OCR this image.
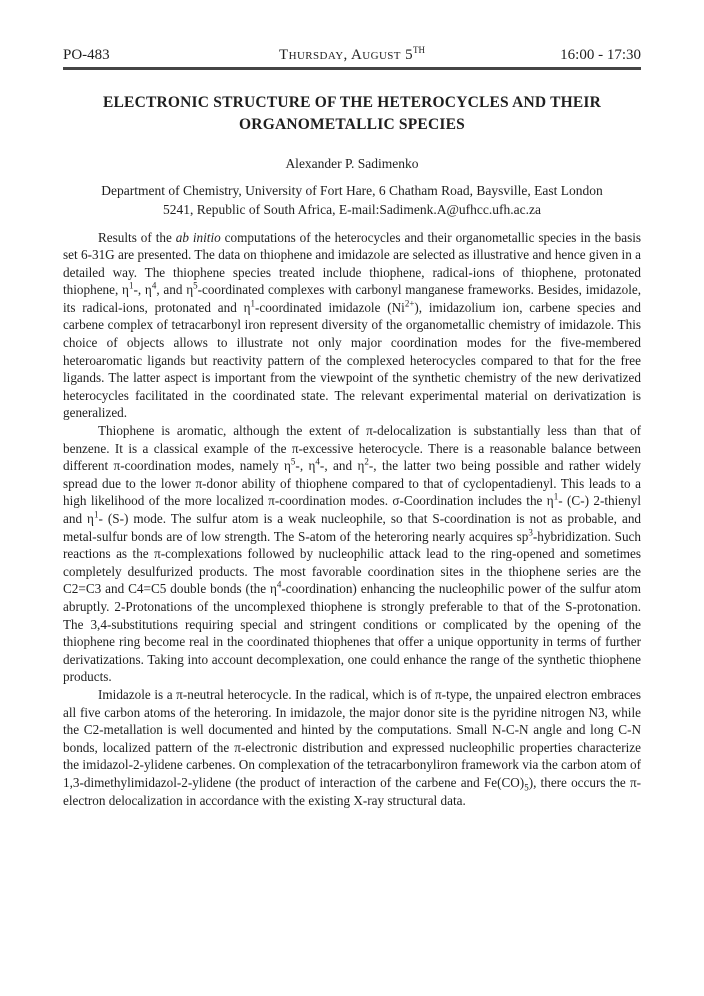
PO-483	Thursday, August 5TH	16:00 - 17:30
ELECTRONIC STRUCTURE OF THE HETEROCYCLES AND THEIR
ORGANOMETALLIC SPECIES
Alexander P. Sadimenko
Department of Chemistry, University of Fort Hare, 6 Chatham Road, Baysville, East London
5241, Republic of South Africa, E-mail:Sadimenk.A@ufhcc.ufh.ac.za

Results of the ab initio computations of the heterocycles and their organometallic species in the basis set 6-31G are presented. The data on thiophene and imidazole are selected as illustrative and hence given in a detailed way. The thiophene species treated include thiophene, radical-ions of thiophene, protonated thiophene, $\eta^1-$, $\eta^4$, and $\eta^5$-coordinated complexes with carbonyl manganese frameworks. Besides, imidazole, its radical-ions, protonated and $\eta^1$-coordinated imidazole $(Ni^{2+})$, imidazolium ion, carbene species and carbene complex of tetracarbonyl iron represent diversity of the organometallic chemistry of imidazole. This choice of objects allows to illustrate not only major coordination modes for the five-membered heteroaromatic ligands but reactivity pattern of the complexed heterocycles compared to that for the free ligands. The latter aspect is important from the viewpoint of the synthetic chemistry of the new derivatized heterocycles facilitated in the coordinated state. The relevant experimental material on derivatization is generalized.

Thiophene is aromatic, although the extent of π-delocalization is substantially less than that of benzene. It is a classical example of the π-excessive heterocycle. There is a reasonable balance between different π-coordination modes, namely $\eta^5-$, $\eta^4-$, and $\eta^2-$, the latter two being possible and rather widely spread due to the lower π-donor ability of thiophene compared to that of cyclopentadienyl. This leads to a high likelihood of the more localized π-coordination modes. σ-Coordination includes the $\eta^1-$ (C-) 2-thienyl and $\eta^1-$ (S-) mode. The sulfur atom is a weak nucleophile, so that S-coordination is not as probable, and metal-sulfur bonds are of low strength. The S-atom of the heteroring nearly acquires $sp^3$-hybridization. Such reactions as the π-complexations followed by nucleophilic attack lead to the ring-opened and sometimes completely desulfurized products. The most favorable coordination sites in the thiophene series are the C2=C3 and C4=C5 double bonds (the $\eta^4-coordination$) enhancing the nucleophilic power of the sulfur atom abruptly. 2-Protonations of the uncomplexed thiophene is strongly preferable to that of the S-protonation. The 3,4-substitutions requiring special and stringent conditions or complicated by the opening of the thiophene ring become real in the coordinated thiophenes that offer a unique opportunity in terms of further derivatizations. Taking into account decomplexation, one could enhance the range of the synthetic thiophene products.

Imidazole is a π-neutral heterocycle. In the radical, which is of π-type, the unpaired electron embraces all five carbon atoms of the heteroring. In imidazole, the major donor site is the pyridine nitrogen N3, while the C2-metallation is well documented and hinted by the computations. Small N-C-N angle and long C-N bonds, localized pattern of the π-electronic distribution and expressed nucleophilic properties characterize the imidazol-2-ylidene carbenes. On complexation of the tetracarbonyliron framework via the carbon atom of 1,3-dimethylimidazol-2-ylidene (the product of interaction of the carbene and $Fe(CO)_5$), there occurs the π-electron delocalization in accordance with the existing X-ray structural data.
